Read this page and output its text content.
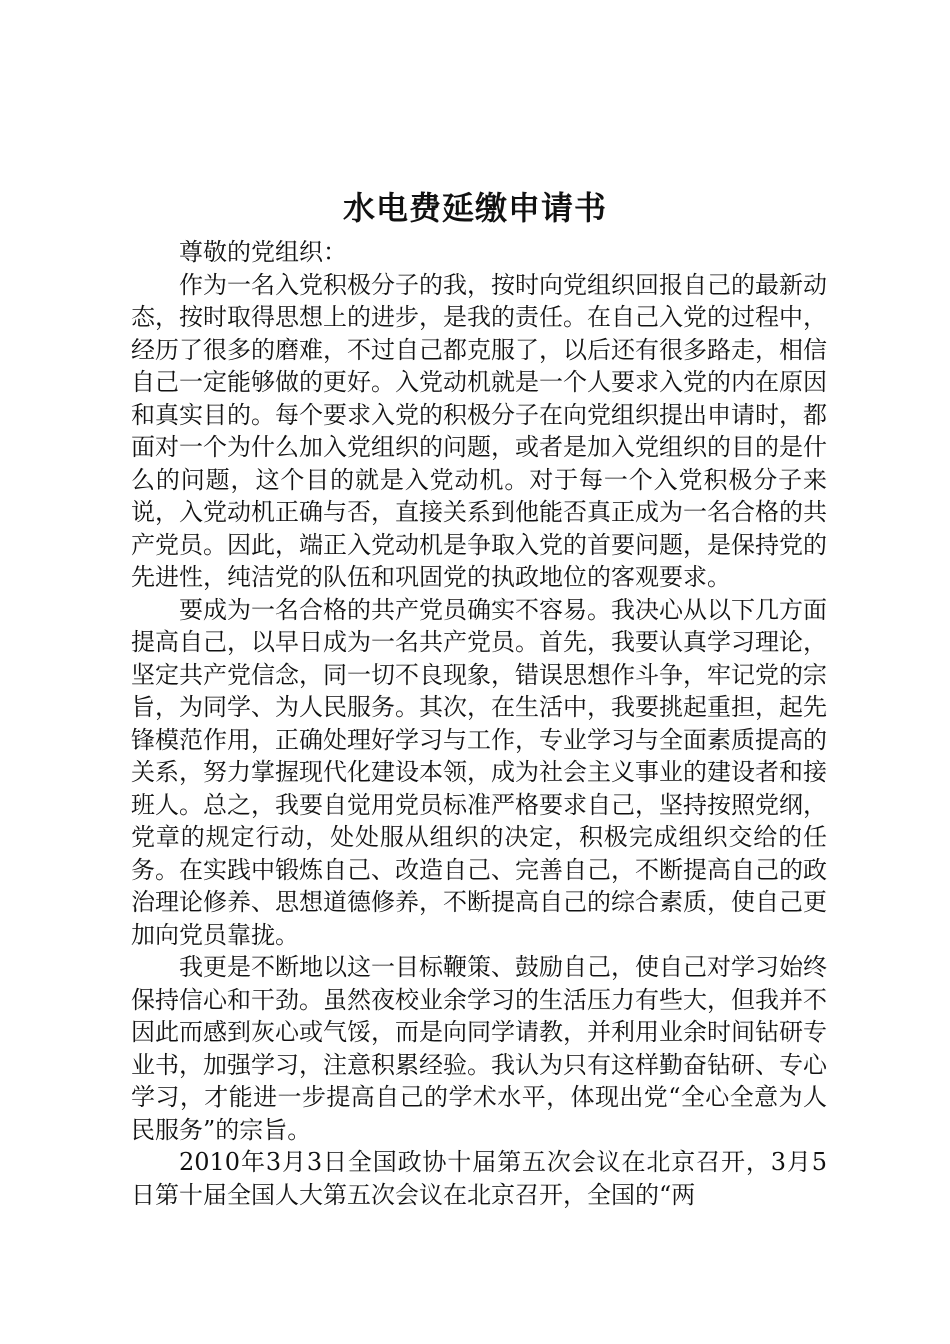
水电费延缴申请书

尊敬的党组织：

作为一名入党积极分子的我，按时向党组织回报自己的最新动态，按时取得思想上的进步，是我的责任。在自己入党的过程中，经历了很多的磨难，不过自己都克服了，以后还有很多路走，相信自己一定能够做的更好。入党动机就是一个人要求入党的内在原因和真实目的。每个要求入党的积极分子在向党组织提出申请时，都面对一个为什么加入党组织的问题，或者是加入党组织的目的是什么的问题，这个目的就是入党动机。对于每一个入党积极分子来说，入党动机正确与否，直接关系到他能否真正成为一名合格的共产党员。因此，端正入党动机是争取入党的首要问题，是保持党的先进性，纯洁党的队伍和巩固党的执政地位的客观要求。

要成为一名合格的共产党员确实不容易。我决心从以下几方面提高自己，以早日成为一名共产党员。首先，我要认真学习理论，坚定共产党信念，同一切不良现象，错误思想作斗争，牢记党的宗旨，为同学、为人民服务。其次，在生活中，我要挑起重担，起先锋模范作用，正确处理好学习与工作，专业学习与全面素质提高的关系，努力掌握现代化建设本领，成为社会主义事业的建设者和接班人。总之，我要自觉用党员标准严格要求自己，坚持按照党纲，党章的规定行动，处处服从组织的决定，积极完成组织交给的任务。在实践中锻炼自己、改造自己、完善自己，不断提高自己的政治理论修养、思想道德修养，不断提高自己的综合素质，使自己更加向党员靠拢。

我更是不断地以这一目标鞭策、鼓励自己，使自己对学习始终保持信心和干劲。虽然夜校业余学习的生活压力有些大，但我并不因此而感到灰心或气馁，而是向同学请教，并利用业余时间钻研专业书，加强学习，注意积累经验。我认为只有这样勤奋钻研、专心学习，才能进一步提高自己的学术水平，体现出党“全心全意为人民服务”的宗旨。

2010年3月3日全国政协十届第五次会议在北京召开，3月5日第十届全国人大第五次会议在北京召开，全国的“两
